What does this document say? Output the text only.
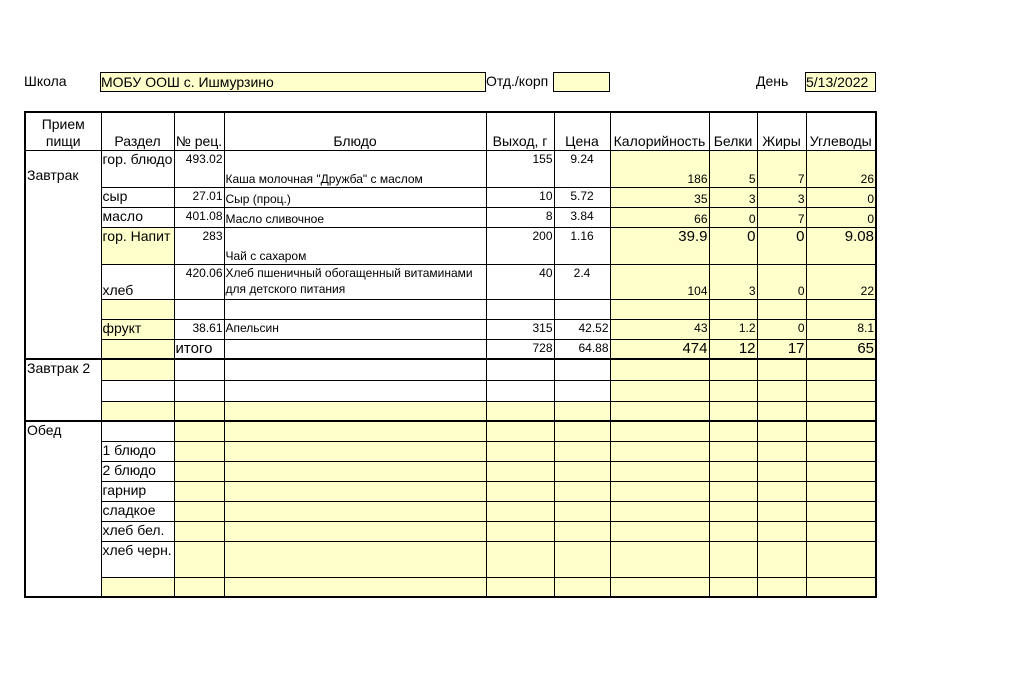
Школа МОБУ ООШ с. Ишмурзино	Отд./корп	День 5/13/2022
Прием пищи	Раздел	№ рец.	Блюдо	Выход, г	Цена	Калорийность	Белки	Жиры	Углеводы
Завтрак	гор. блюдо	493.02	Каша молочная "Дружба" с маслом	155	9.24	186	5	7	26
	сыр	27.01	Сыр (проц.)	10	5.72	35	3	3	0
	масло	401.08	Масло сливочное	8	3.84	66	0	7	0
	гор. Напит	283	Чай с сахаром	200	1.16	39.9	0	0	9.08
	хлеб	420.06	Хлеб пшеничный обогащенный витаминами для детского питания	40	2.4	104	3	0	22

	фрукт	38.61	Апельсин	315	42.52	43	1.2	0	8.1
		итого		728	64.88	474	12	17	65
Завтрак 2									

Обед									
	1 блюдо								
	2 блюдо								
	гарнир								
	сладкое								
	хлеб бел.								
	хлеб черн.								
